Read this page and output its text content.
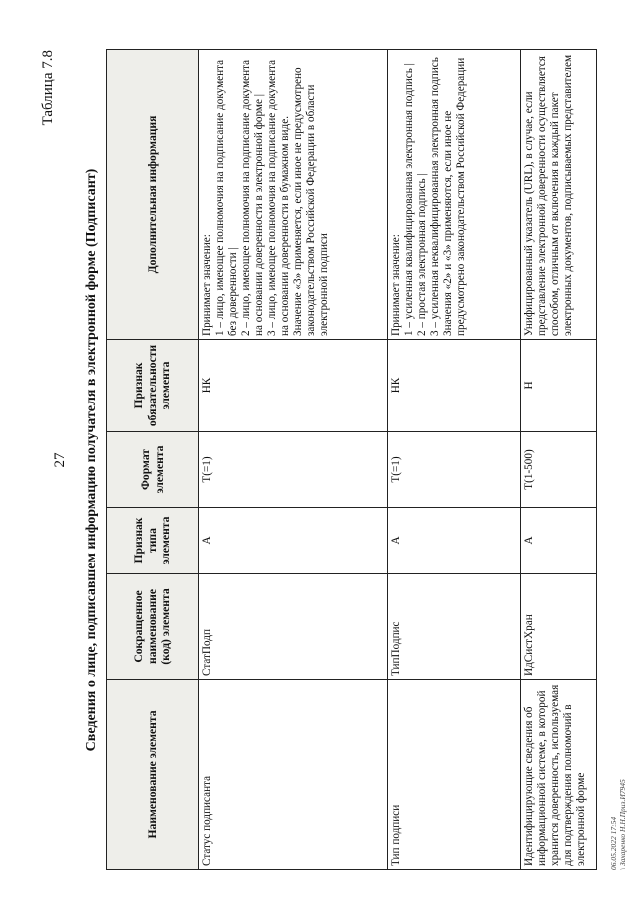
27
Таблица 7.8
Сведения о лице, подписавшем информацию получателя в электронной форме (Подписант)
Наименование элемента	Сокращенное наименование (код) элемента	Признак типа элемента	Формат элемента	Признак обязательности элемента	Дополнительная информация
Статус подписанта	СтатПодп	А	Т(=1)	НК	Принимает значение:
1 – лицо, имеющее полномочия на подписание документа без доверенности |
2 – лицо, имеющее полномочия на подписание документа на основании доверенности в электронной форме |
3 – лицо, имеющее полномочия на подписание документа на основании доверенности в бумажном виде.
Значение «3» применяется, если иное не предусмотрено законодательством Российской Федерации в области электронной подписи
Тип подписи	ТипПодпис	А	Т(=1)	НК	Принимает значение:
1 – усиленная квалифицированная электронная подпись |
2 – простая электронная подпись |
3 – усиленная неквалифицированная электронная подпись
Значения «2» и «3» применяются, если иное не предусмотрено законодательством Российской Федерации
Идентифицирующие сведения об информационной системе, в которой хранится доверенность, используемая для подтверждения полномочий в электронной форме	ИдСистХран	А	Т(1-500)	Н	Унифицированный указатель (URL), в случае, если представление электронной доверенности осуществляется способом, отличным от включения в каждый пакет электронных документов, подписываемых представителем
06.05.2022 17:54 \ Захаренко Н.Н.Приз.И7945
